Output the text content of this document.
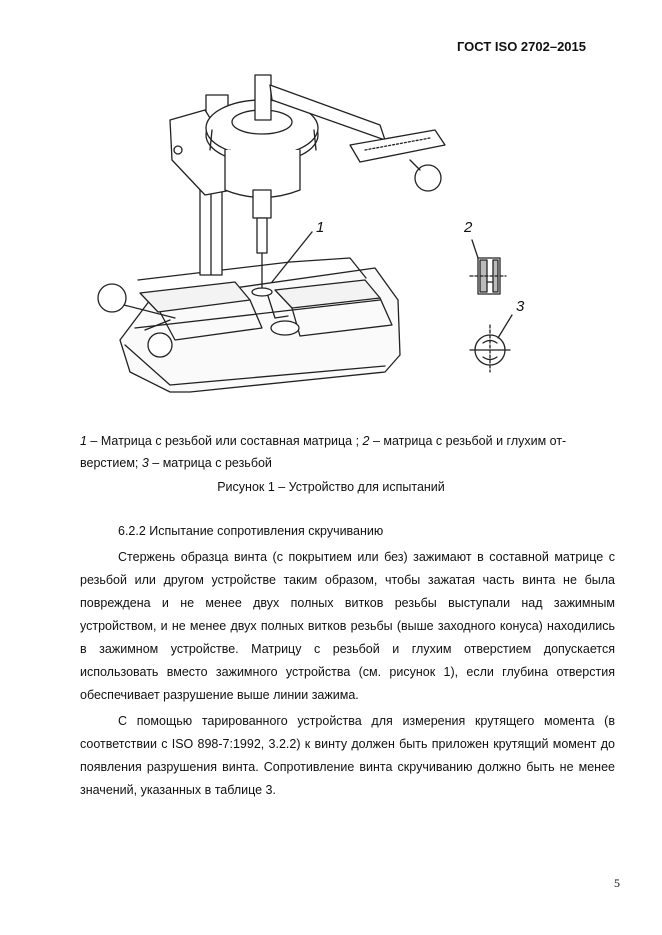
ГОСТ ISO 2702–2015
1	2
3
1 – Матрица с резьбой или составная матрица ; 2 – матрица с резьбой и глухим от-
верстием; 3 – матрица с резьбой
Рисунок 1 – Устройство для испытаний
6.2.2 Испытание сопротивления скручиванию
Стержень образца винта (с покрытием или без) зажимают в составной матрице с резьбой или другом устройстве таким образом, чтобы зажатая часть винта не была повреждена и не менее двух полных витков резьбы выступали над зажимным устройством, и не менее двух полных витков резьбы (выше заходного конуса) находились в зажимном устройстве. Матрицу с резьбой и глухим отверстием допускается использовать вместо зажимного устройства (см. рисунок 1), если глубина отверстия обеспечивает разрушение выше линии зажима.
С помощью тарированного устройства для измерения крутящего момента (в соответствии с ISO 898-7:1992, 3.2.2) к винту должен быть приложен крутящий момент до появления разрушения винта. Сопротивление винта скручиванию должно быть не менее значений, указанных в таблице 3.
5
